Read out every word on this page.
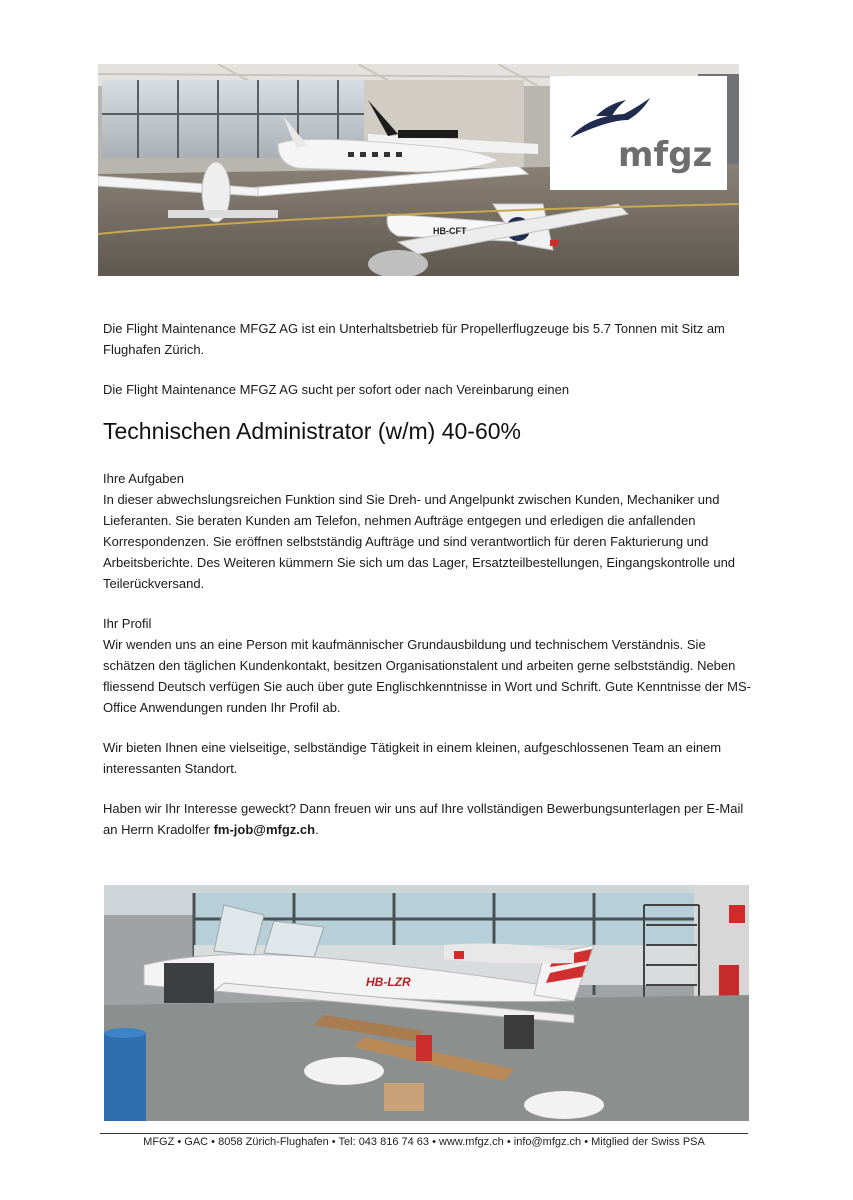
HB-CFT
mfgz

Die Flight Maintenance MFGZ AG ist ein Unterhaltsbetrieb für Propellerflugzeuge bis 5.7 Tonnen mit Sitz am Flughafen Zürich.

Die Flight Maintenance MFGZ AG sucht per sofort oder nach Vereinbarung einen

Technischen Administrator (w/m) 40-60%

Ihre Aufgaben

In dieser abwechslungsreichen Funktion sind Sie Dreh- und Angelpunkt zwischen Kunden, Mechaniker und Lieferanten. Sie beraten Kunden am Telefon, nehmen Aufträge entgegen und erledigen die anfallenden Korrespondenzen. Sie eröffnen selbstständig Aufträge und sind verantwortlich für deren Fakturierung und Arbeitsberichte. Des Weiteren kümmern Sie sich um das Lager, Ersatzteilbestellungen, Eingangskontrolle und Teilerückversand.

Ihr Profil

Wir wenden uns an eine Person mit kaufmännischer Grundausbildung und technischem Verständnis. Sie schätzen den täglichen Kundenkontakt, besitzen Organisationstalent und arbeiten gerne selbstständig. Neben fliessend Deutsch verfügen Sie auch über gute Englischkenntnisse in Wort und Schrift. Gute Kenntnisse der MS-Office Anwendungen runden Ihr Profil ab.

Wir bieten Ihnen eine vielseitige, selbständige Tätigkeit in einem kleinen, aufgeschlossenen Team an einem interessanten Standort.

Haben wir Ihr Interesse geweckt? Dann freuen wir uns auf Ihre vollständigen Bewerbungsunterlagen per E-Mail an Herrn Kradolfer fm-job@mfgz.ch.

HB-LZR
MFGZ • GAC • 8058 Zürich-Flughafen • Tel: 043 816 74 63 • www.mfgz.ch • info@mfgz.ch • Mitglied der Swiss PSA
